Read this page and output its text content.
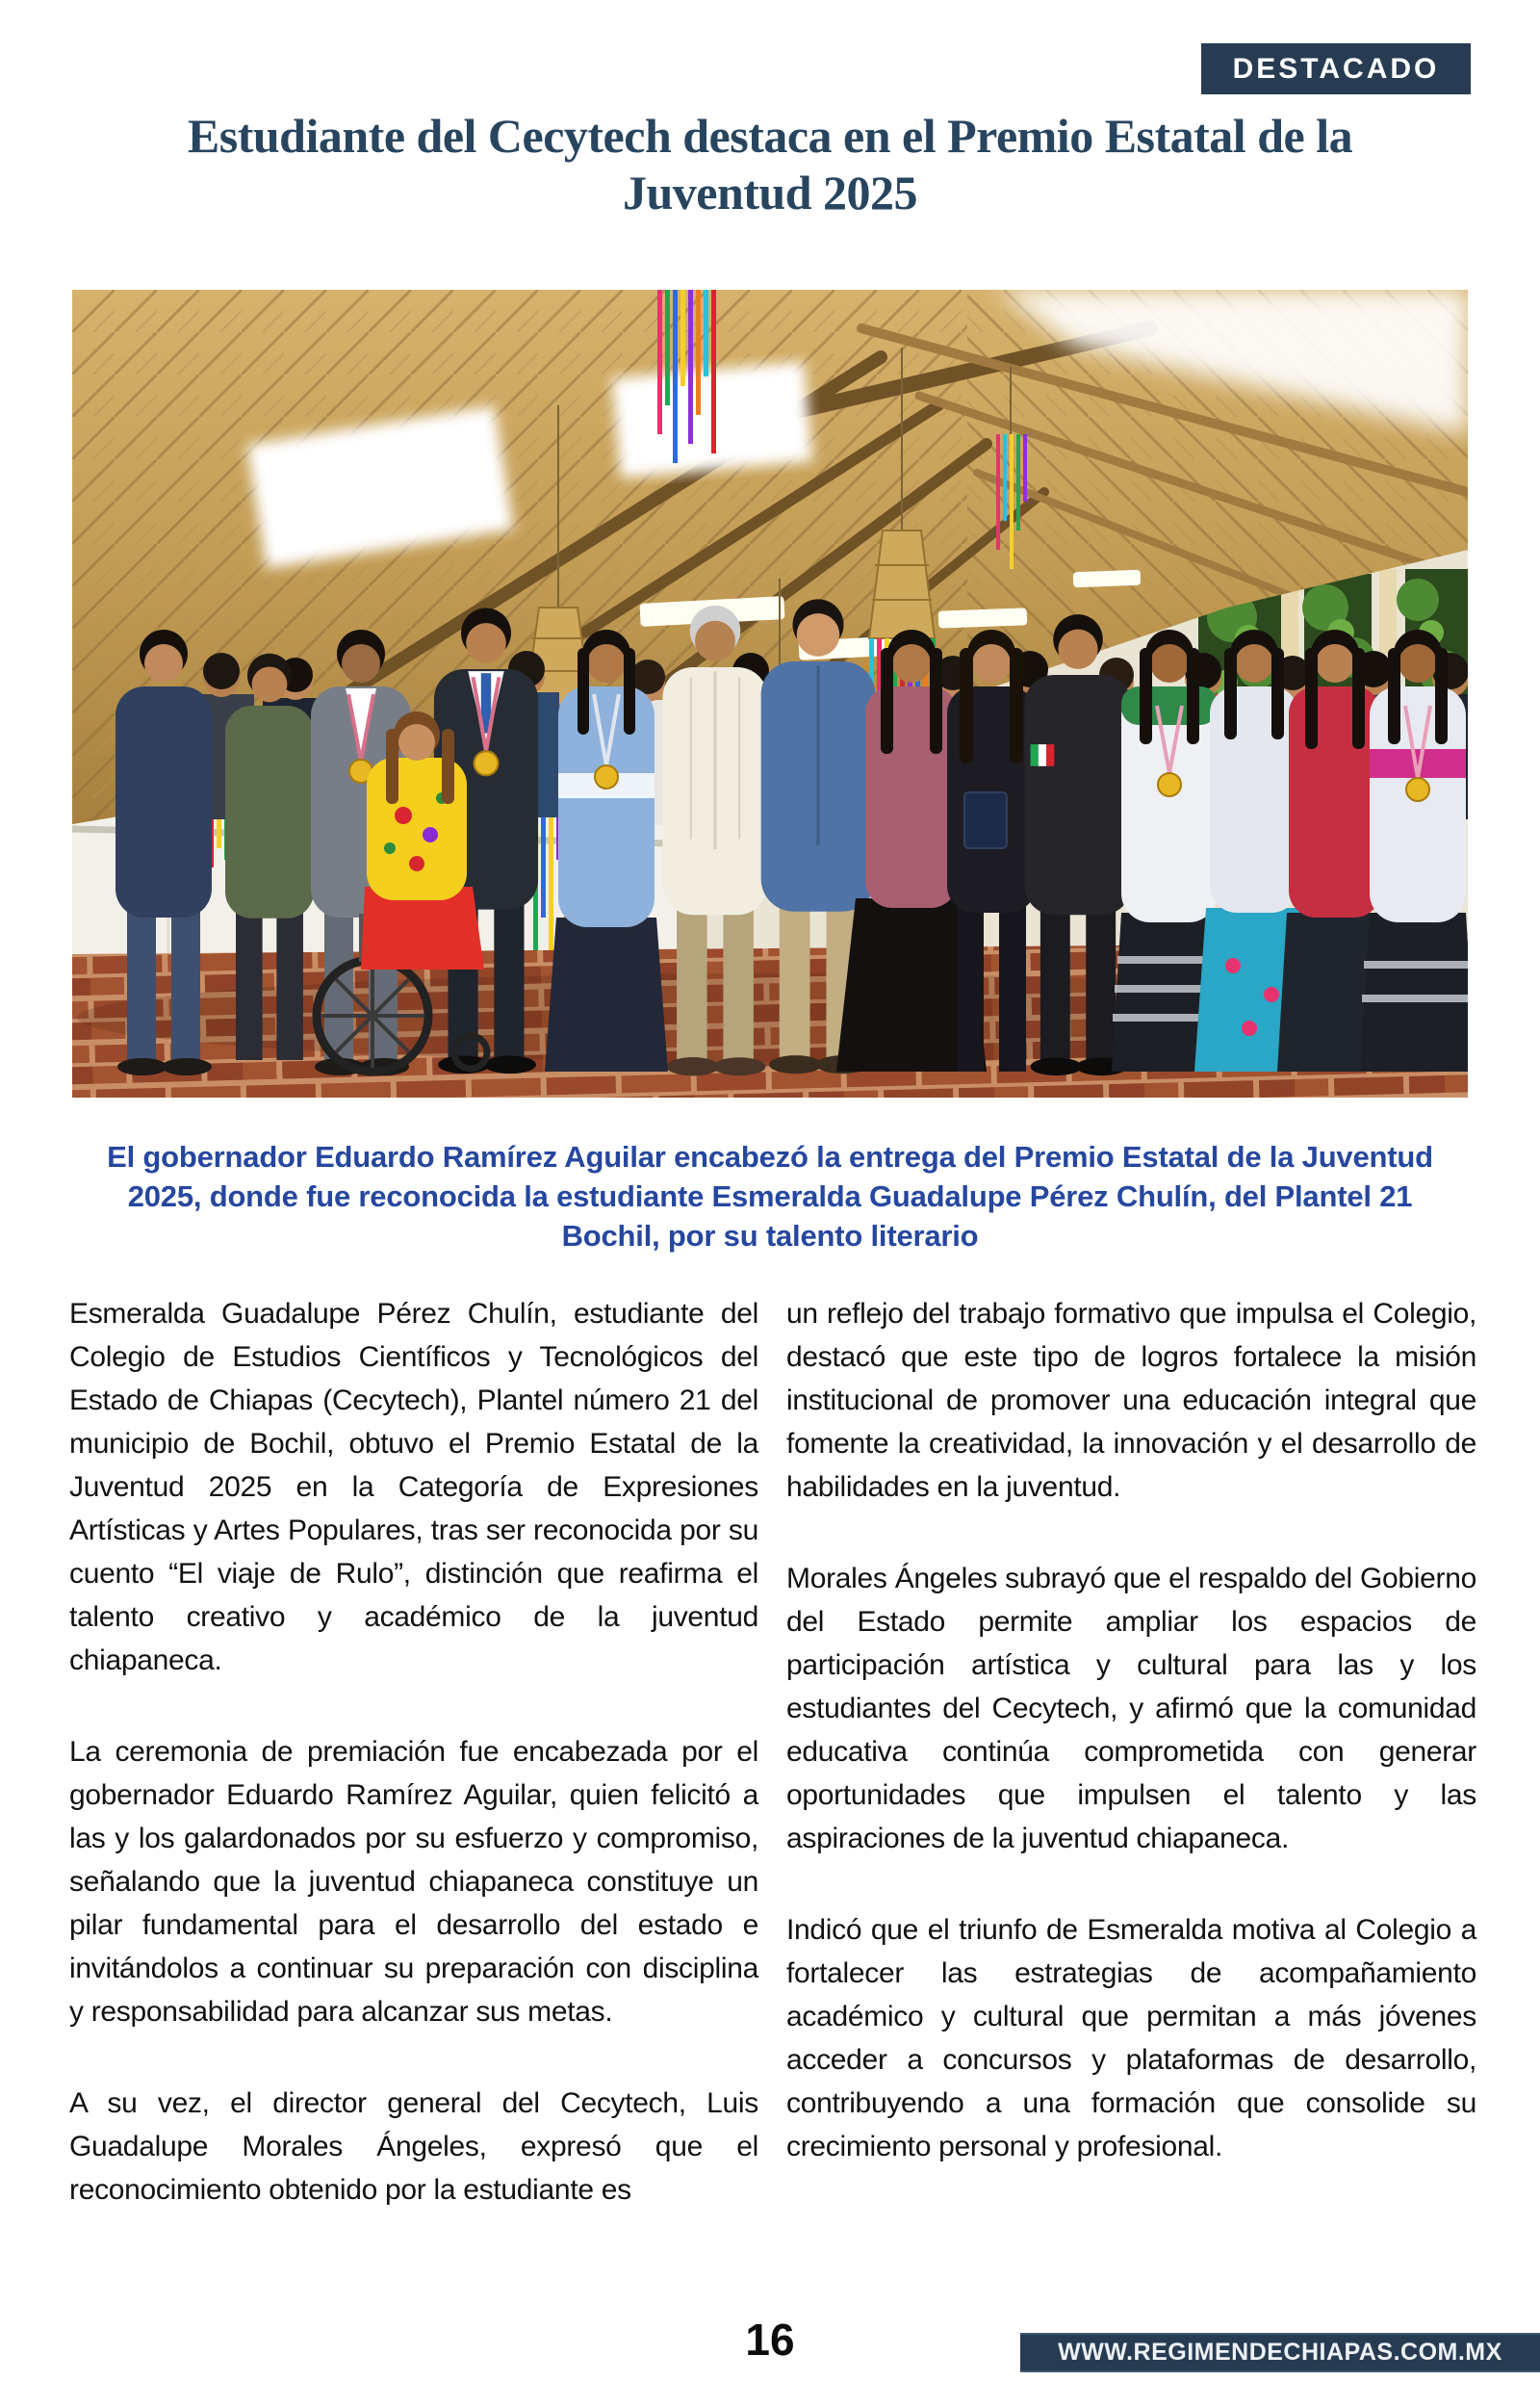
DESTACADO
Estudiante del Cecytech destaca en el Premio Estatal de la Juventud 2025

El gobernador Eduardo Ramírez Aguilar encabezó la entrega del Premio Estatal de la Juventud 2025, donde fue reconocida la estudiante Esmeralda Guadalupe Pérez Chulín, del Plantel 21 Bochil, por su talento literario

Esmeralda Guadalupe Pérez Chulín, estudiante del Colegio de Estudios Científicos y Tecnológicos del Estado de Chiapas (Cecytech), Plantel número 21 del municipio de Bochil, obtuvo el Premio Estatal de la Juventud 2025 en la Categoría de Expresiones Artísticas y Artes Populares, tras ser reconocida por su cuento “El viaje de Rulo”, distinción que reafirma el talento creativo y académico de la juventud chiapaneca.

La ceremonia de premiación fue encabezada por el gobernador Eduardo Ramírez Aguilar, quien felicitó a las y los galardonados por su esfuerzo y compromiso, señalando que la juventud chiapaneca constituye un pilar fundamental para el desarrollo del estado e invitándolos a continuar su preparación con disciplina y responsabilidad para alcanzar sus metas.

A su vez, el director general del Cecytech, Luis Guadalupe Morales Ángeles, expresó que el reconocimiento obtenido por la estudiante es

un reflejo del trabajo formativo que impulsa el Colegio, destacó que este tipo de logros fortalece la misión institucional de promover una educación integral que fomente la creatividad, la innovación y el desarrollo de habilidades en la juventud.

Morales Ángeles subrayó que el respaldo del Gobierno del Estado permite ampliar los espacios de participación artística y cultural para las y los estudiantes del Cecytech, y afirmó que la comunidad educativa continúa comprometida con generar oportunidades que impulsen el talento y las aspiraciones de la juventud chiapaneca.

Indicó que el triunfo de Esmeralda motiva al Colegio a fortalecer las estrategias de acompañamiento académico y cultural que permitan a más jóvenes acceder a concursos y plataformas de desarrollo, contribuyendo a una formación que consolide su crecimiento personal y profesional.

16	WWW.REGIMENDECHIAPAS.COM.MX
